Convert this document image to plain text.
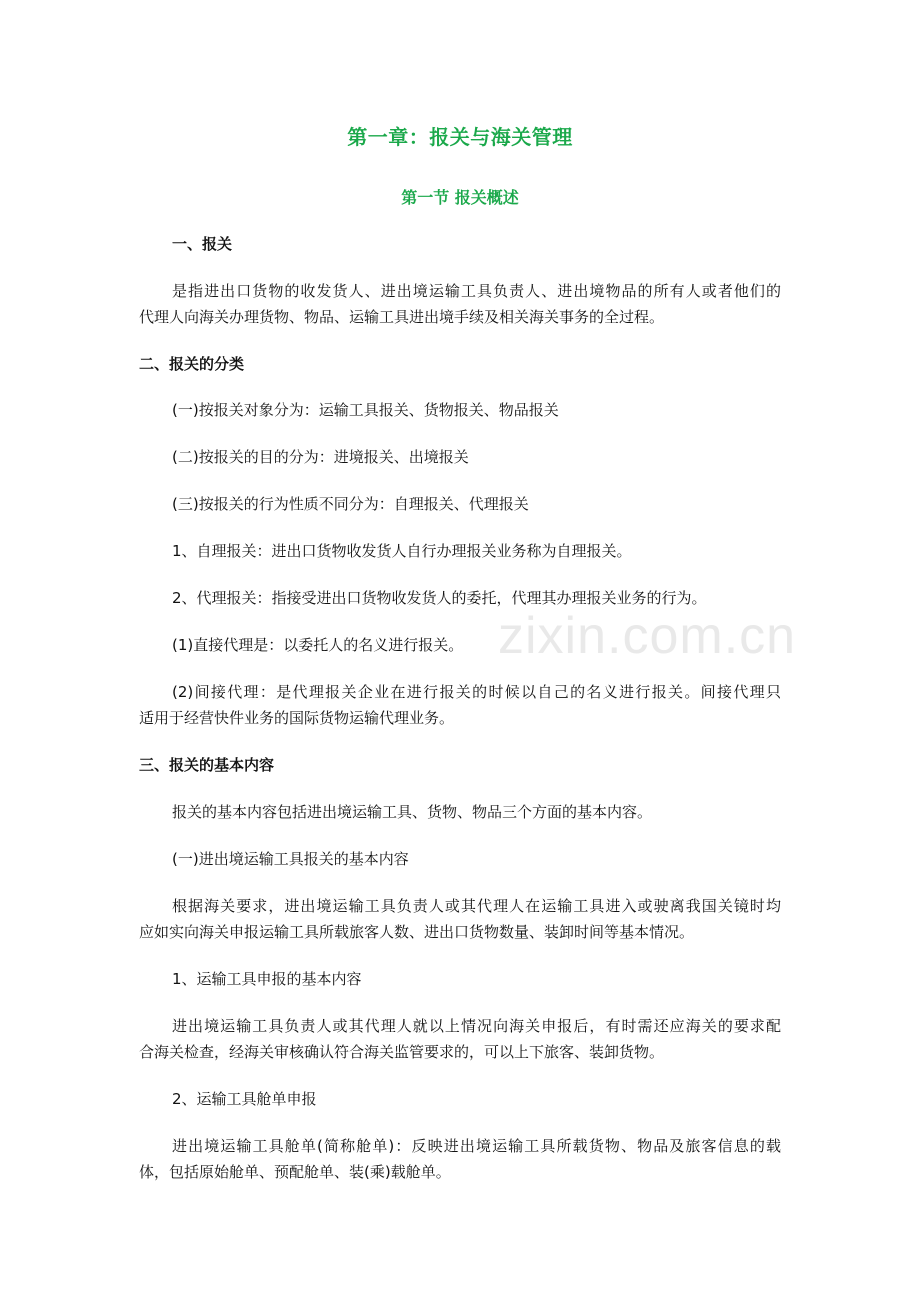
第一章：报关与海关管理
第一节 报关概述
一、报关
是指进出口货物的收发货人、进出境运输工具负责人、进出境物品的所有人或者他们的
代理人向海关办理货物、物品、运输工具进出境手续及相关海关事务的全过程。
二、报关的分类
(一)按报关对象分为：运输工具报关、货物报关、物品报关
(二)按报关的目的分为：进境报关、出境报关
(三)按报关的行为性质不同分为：自理报关、代理报关
1、自理报关：进出口货物收发货人自行办理报关业务称为自理报关。
2、代理报关：指接受进出口货物收发货人的委托，代理其办理报关业务的行为。
(1)直接代理是：以委托人的名义进行报关。
(2)间接代理：是代理报关企业在进行报关的时候以自己的名义进行报关。间接代理只
适用于经营快件业务的国际货物运输代理业务。
三、报关的基本内容
报关的基本内容包括进出境运输工具、货物、物品三个方面的基本内容。
(一)进出境运输工具报关的基本内容
根据海关要求，进出境运输工具负责人或其代理人在运输工具进入或驶离我国关镜时均
应如实向海关申报运输工具所载旅客人数、进出口货物数量、装卸时间等基本情况。
1、运输工具申报的基本内容
进出境运输工具负责人或其代理人就以上情况向海关申报后，有时需还应海关的要求配
合海关检查，经海关审核确认符合海关监管要求的，可以上下旅客、装卸货物。
2、运输工具舱单申报
进出境运输工具舱单(简称舱单)：反映进出境运输工具所载货物、物品及旅客信息的载
体，包括原始舱单、预配舱单、装(乘)载舱单。
zixin.com.cn
